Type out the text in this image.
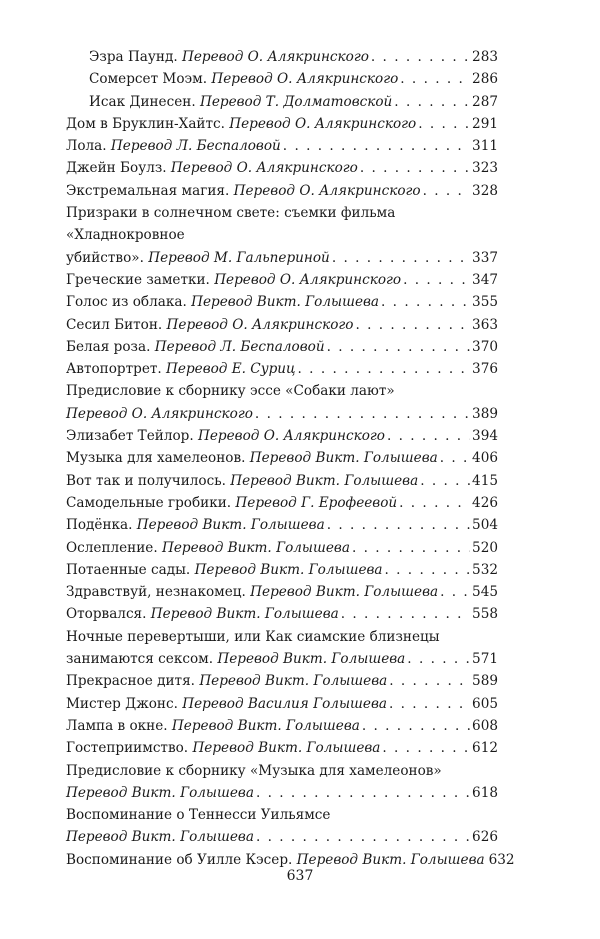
Эзра Паунд. Перевод О. Алякринского . . .	283
Сомерсет Моэм. Перевод О. Алякринского . . .	286
Исак Динесен. Перевод Т. Долматовской . . .	287
Дом в Бруклин-Хайтс. Перевод О. Алякринского . . .	291
Лола. Перевод Л. Беспаловой . . .	311
Джейн Боулз. Перевод О. Алякринского . . .	323
Экстремальная магия. Перевод О. Алякринского . . .	328
Призраки в солнечном свете: съемки фильма «Хладнокровное
убийство». Перевод М. Гальпериной . . .	337
Греческие заметки. Перевод О. Алякринского . . .	347
Голос из облака. Перевод Викт. Голышева . . .	355
Сесил Битон. Перевод О. Алякринского . . .	363
Белая роза. Перевод Л. Беспаловой . . .	370
Автопортрет. Перевод Е. Суриц . . .	376
Предисловие к сборнику эссе «Собаки лают»
Перевод О. Алякринского . . .	389
Элизабет Тейлор. Перевод О. Алякринского . . .	394
Музыка для хамелеонов. Перевод Викт. Голышева . . .	406
Вот так и получилось. Перевод Викт. Голышева . . .	415
Самодельные гробики. Перевод Г. Ерофеевой . . .	426
Подёнка. Перевод Викт. Голышева . . .	504
Ослепление. Перевод Викт. Голышева . . .	520
Потаенные сады. Перевод Викт. Голышева . . .	532
Здравствуй, незнакомец. Перевод Викт. Голышева . . . 545
Оторвался. Перевод Викт. Голышева . . .	558
Ночные перевертыши, или Как сиамские близнецы
занимаются сексом. Перевод Викт. Голышева . . .	571
Прекрасное дитя. Перевод Викт. Голышева . . .	589
Мистер Джонс. Перевод Василия Голышева . . .	605
Лампа в окне. Перевод Викт. Голышева . . .	608
Гостеприимство. Перевод Викт. Голышева . . .	612
Предисловие к сборнику «Музыка для хамелеонов»
Перевод Викт. Голышева . . .	618
Воспоминание о Теннесси Уильямсе
Перевод Викт. Голышева . . .	626
Воспоминание об Уилле Кэсер. Перевод Викт. Голышева 632
637
